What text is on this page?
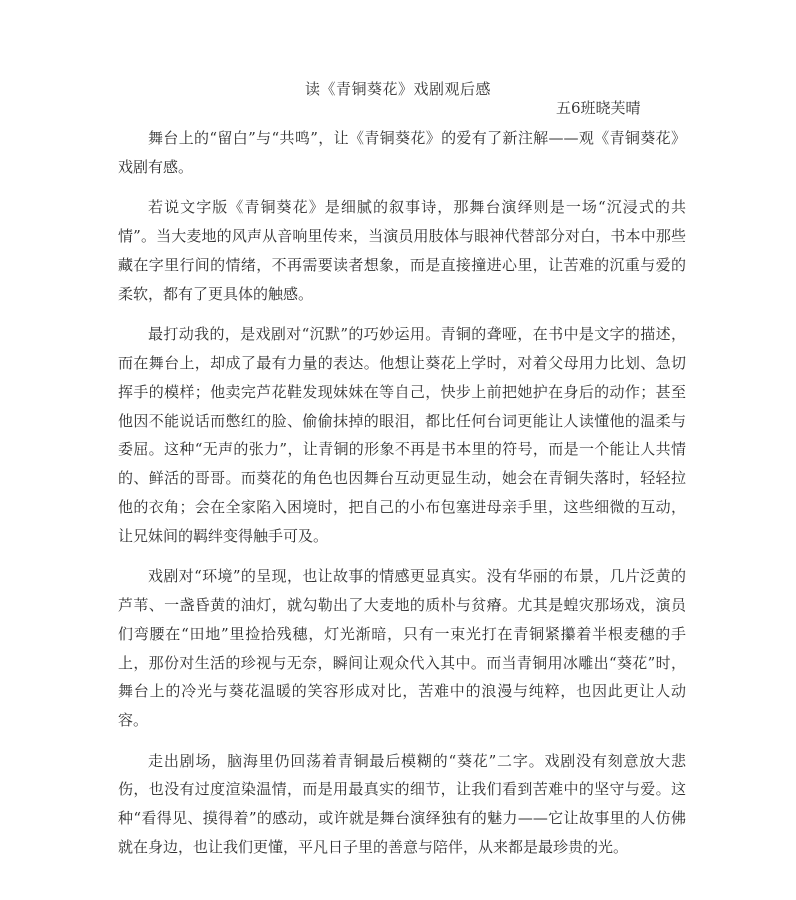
读《青铜葵花》戏剧观后感
五6班晓芙晴

舞台上的“留白”与“共鸣”，让《青铜葵花》的爱有了新注解——观《青铜葵花》戏剧有感。

若说文字版《青铜葵花》是细腻的叙事诗，那舞台演绎则是一场“沉浸式的共情”。当大麦地的风声从音响里传来，当演员用肢体与眼神代替部分对白，书本中那些藏在字里行间的情绪，不再需要读者想象，而是直接撞进心里，让苦难的沉重与爱的柔软，都有了更具体的触感。

最打动我的，是戏剧对“沉默”的巧妙运用。青铜的聋哑，在书中是文字的描述，而在舞台上，却成了最有力量的表达。他想让葵花上学时，对着父母用力比划、急切挥手的模样；他卖完芦花鞋发现妹妹在等自己，快步上前把她护在身后的动作；甚至他因不能说话而憋红的脸、偷偷抹掉的眼泪，都比任何台词更能让人读懂他的温柔与委屈。这种“无声的张力”，让青铜的形象不再是书本里的符号，而是一个能让人共情的、鲜活的哥哥。而葵花的角色也因舞台互动更显生动，她会在青铜失落时，轻轻拉他的衣角；会在全家陷入困境时，把自己的小布包塞进母亲手里，这些细微的互动，让兄妹间的羁绊变得触手可及。

戏剧对“环境”的呈现，也让故事的情感更显真实。没有华丽的布景，几片泛黄的芦苇、一盏昏黄的油灯，就勾勒出了大麦地的质朴与贫瘠。尤其是蝗灾那场戏，演员们弯腰在“田地”里捡拾残穗，灯光渐暗，只有一束光打在青铜紧攥着半根麦穗的手上，那份对生活的珍视与无奈，瞬间让观众代入其中。而当青铜用冰雕出“葵花”时，舞台上的冷光与葵花温暖的笑容形成对比，苦难中的浪漫与纯粹，也因此更让人动容。

走出剧场，脑海里仍回荡着青铜最后模糊的“葵花”二字。戏剧没有刻意放大悲伤，也没有过度渲染温情，而是用最真实的细节，让我们看到苦难中的坚守与爱。这种“看得见、摸得着”的感动，或许就是舞台演绎独有的魅力——它让故事里的人仿佛就在身边，也让我们更懂，平凡日子里的善意与陪伴，从来都是最珍贵的光。
